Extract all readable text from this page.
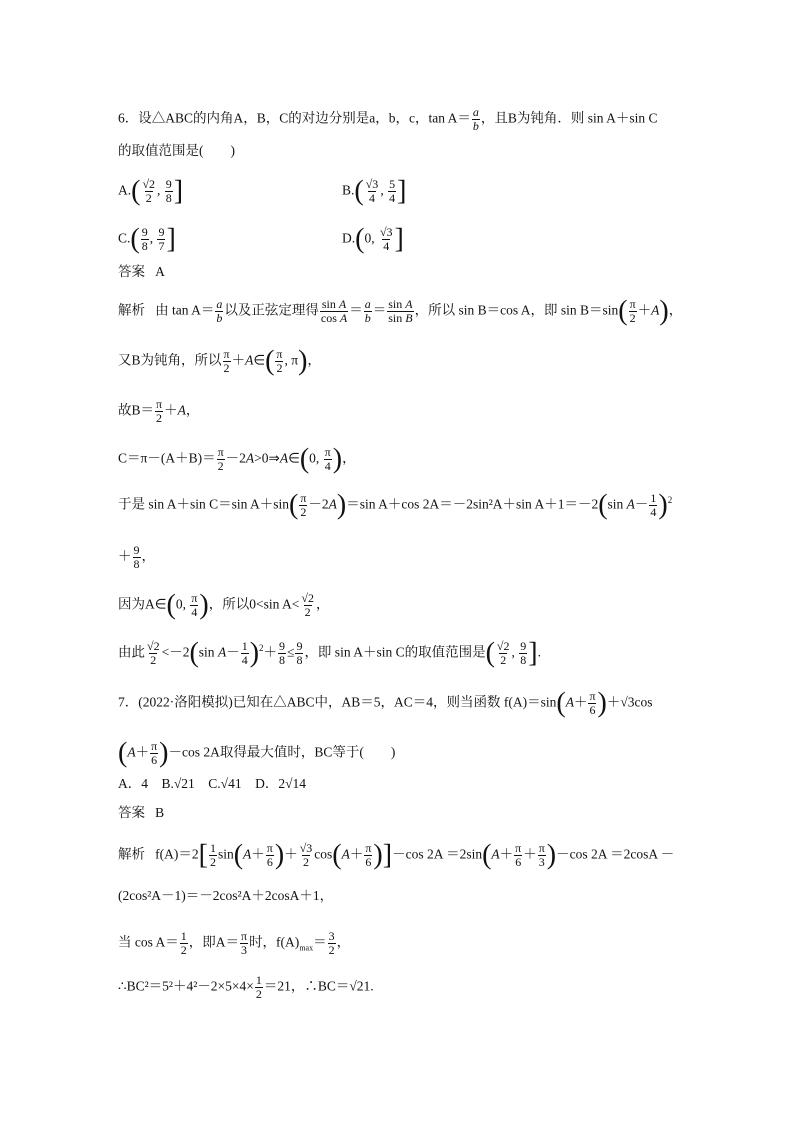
6．设△ABC的内角A，B，C的对边分别是a，b，c，$\tan A= \frac{a}{b}$ ，且B为钝角．则 sin A＋sin C
的取值范围是(　　)
$A.( \frac{√2}{2}$ , $\frac{9}{8}$ ]	$B.( \frac{√3}{4}$ , $\frac{5}{4}$ ]
$C.( \frac{9}{8}$ , $\frac{9}{7}$ ]	D.(0, $\frac{√3}{4}$ ]
答案 A
解析 由 $\tan A= \frac{a}{b}$ 以及正弦定理得 $\frac{\text{sin A}}{\text{cos A}} = \frac{a}{b} = \frac{\text{sin A}}{\text{sin B}}$ ，所以 sin B＝cos A，即 $\sin B=\sin( \frac{\pi}{2} +A)$，
又B为钝角，所以 $\frac{\pi}{2}$ ＋A∈( $\frac{\pi}{2}$ , π)，
故$B= \frac{\pi}{2} +A$，
$C=\pi-(A+B)= \frac{\pi}{2}$ －2A>0⇒A∈(0, $\frac{\pi}{4}$ )，
于是 sin A＋sin C＝sin $A+\sin( \frac{\pi}{2} -2A)=\sin$ A＋cos 2A＝－2sin²A＋sin A＋1＝－2(sin $A- \frac{1}{4} )^2$
＋ $\frac{9}{8}$ ，
因为A∈(0, $\frac{\pi}{4}$ )，所以0<sin $A< \frac{√2}{2}$ ，
由此 $\frac{√2}{2} <-2(\sin$ $A- \frac{1}{4} )^2+ \frac{9}{8} \le \frac{9}{8}$ ，即 sin A＋sin C的取值范围是( $\frac{√2}{2}$ , $\frac{9}{8}$ ].
7．(2022·洛阳模拟)已知在△ABC中，AB＝5，AC＝4，则当函数 $f(A)=\sin(A+ \frac{\pi}{6} )+√3\cos$
$(A+ \frac{\pi}{6} )-\cos$ 2A取得最大值时，BC等于(　　)
A．4　B.√21　C.√41　D．2√14
答案 B
解析 $f(A)=2[ \frac{1}{2} \sin(A+ \frac{\pi}{6}$ )＋ $\frac{√3}{2} \cos(A+ \frac{\pi}{6} )]-\cos$ $2A =2\sin(A+ \frac{\pi}{6} + \frac{\pi}{3} )-\cos$ 2A ＝2cosA －
(2cos²A－1)＝－2cos²A＋2cosA＋1，
当 $\cos A= \frac{1}{2}$ ，即$A= \frac{\pi}{3}$ 时，$f(A)_{max}= \frac{3}{2}$ ，
∴BC²＝5²＋4²－2×5×4× $\frac{1}{2} =21$，∴BC＝√21.
